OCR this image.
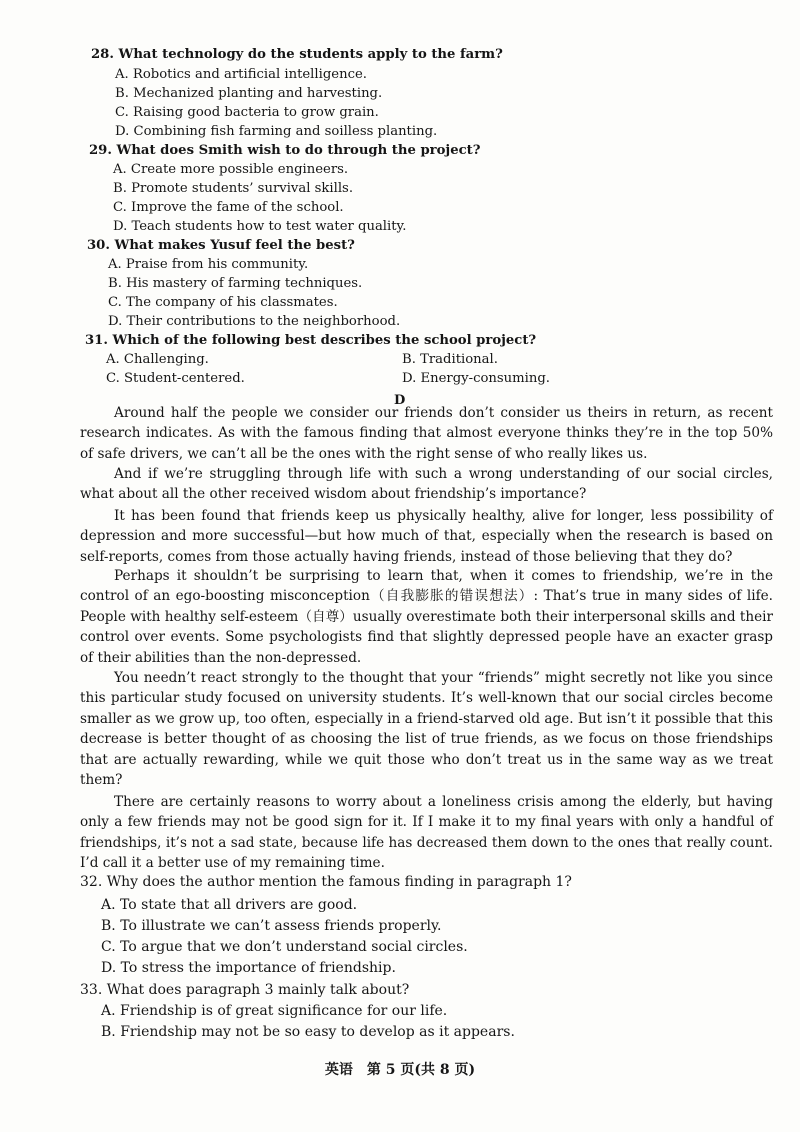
28. What technology do the students apply to the farm?
A. Robotics and artificial intelligence.
B. Mechanized planting and harvesting.
C. Raising good bacteria to grow grain.
D. Combining fish farming and soilless planting.
29. What does Smith wish to do through the project?
A. Create more possible engineers.
B. Promote students’ survival skills.
C. Improve the fame of the school.
D. Teach students how to test water quality.
30. What makes Yusuf feel the best?
A. Praise from his community.
B. His mastery of farming techniques.
C. The company of his classmates.
D. Their contributions to the neighborhood.
31. Which of the following best describes the school project?
A. Challenging.	B. Traditional.
C. Student-centered.	D. Energy-consuming.
D
Around half the people we consider our friends don’t consider us theirs in return, as recent research indicates. As with the famous finding that almost everyone thinks they’re in the top 50% of safe drivers, we can’t all be the ones with the right sense of who really likes us.
And if we’re struggling through life with such a wrong understanding of our social circles, what about all the other received wisdom about friendship’s importance?
It has been found that friends keep us physically healthy, alive for longer, less possibility of depression and more successful—but how much of that, especially when the research is based on self-reports, comes from those actually having friends, instead of those believing that they do?
Perhaps it shouldn’t be surprising to learn that, when it comes to friendship, we’re in the control of an ego-boosting misconception（自我膨胀的错误想法）: That’s true in many sides of life. People with healthy self-esteem（自尊）usually overestimate both their interpersonal skills and their control over events. Some psychologists find that slightly depressed people have an exacter grasp of their abilities than the non-depressed.
You needn’t react strongly to the thought that your “friends” might secretly not like you since this particular study focused on university students. It’s well-known that our social circles become smaller as we grow up, too often, especially in a friend-starved old age. But isn’t it possible that this decrease is better thought of as choosing the list of true friends, as we focus on those friendships that are actually rewarding, while we quit those who don’t treat us in the same way as we treat them?
There are certainly reasons to worry about a loneliness crisis among the elderly, but having only a few friends may not be good sign for it. If I make it to my final years with only a handful of friendships, it’s not a sad state, because life has decreased them down to the ones that really count. I’d call it a better use of my remaining time.
32. Why does the author mention the famous finding in paragraph 1?
A. To state that all drivers are good.
B. To illustrate we can’t assess friends properly.
C. To argue that we don’t understand social circles.
D. To stress the importance of friendship.
33. What does paragraph 3 mainly talk about?
A. Friendship is of great significance for our life.
B. Friendship may not be so easy to develop as it appears.
英语　第 5 页(共 8 页)
